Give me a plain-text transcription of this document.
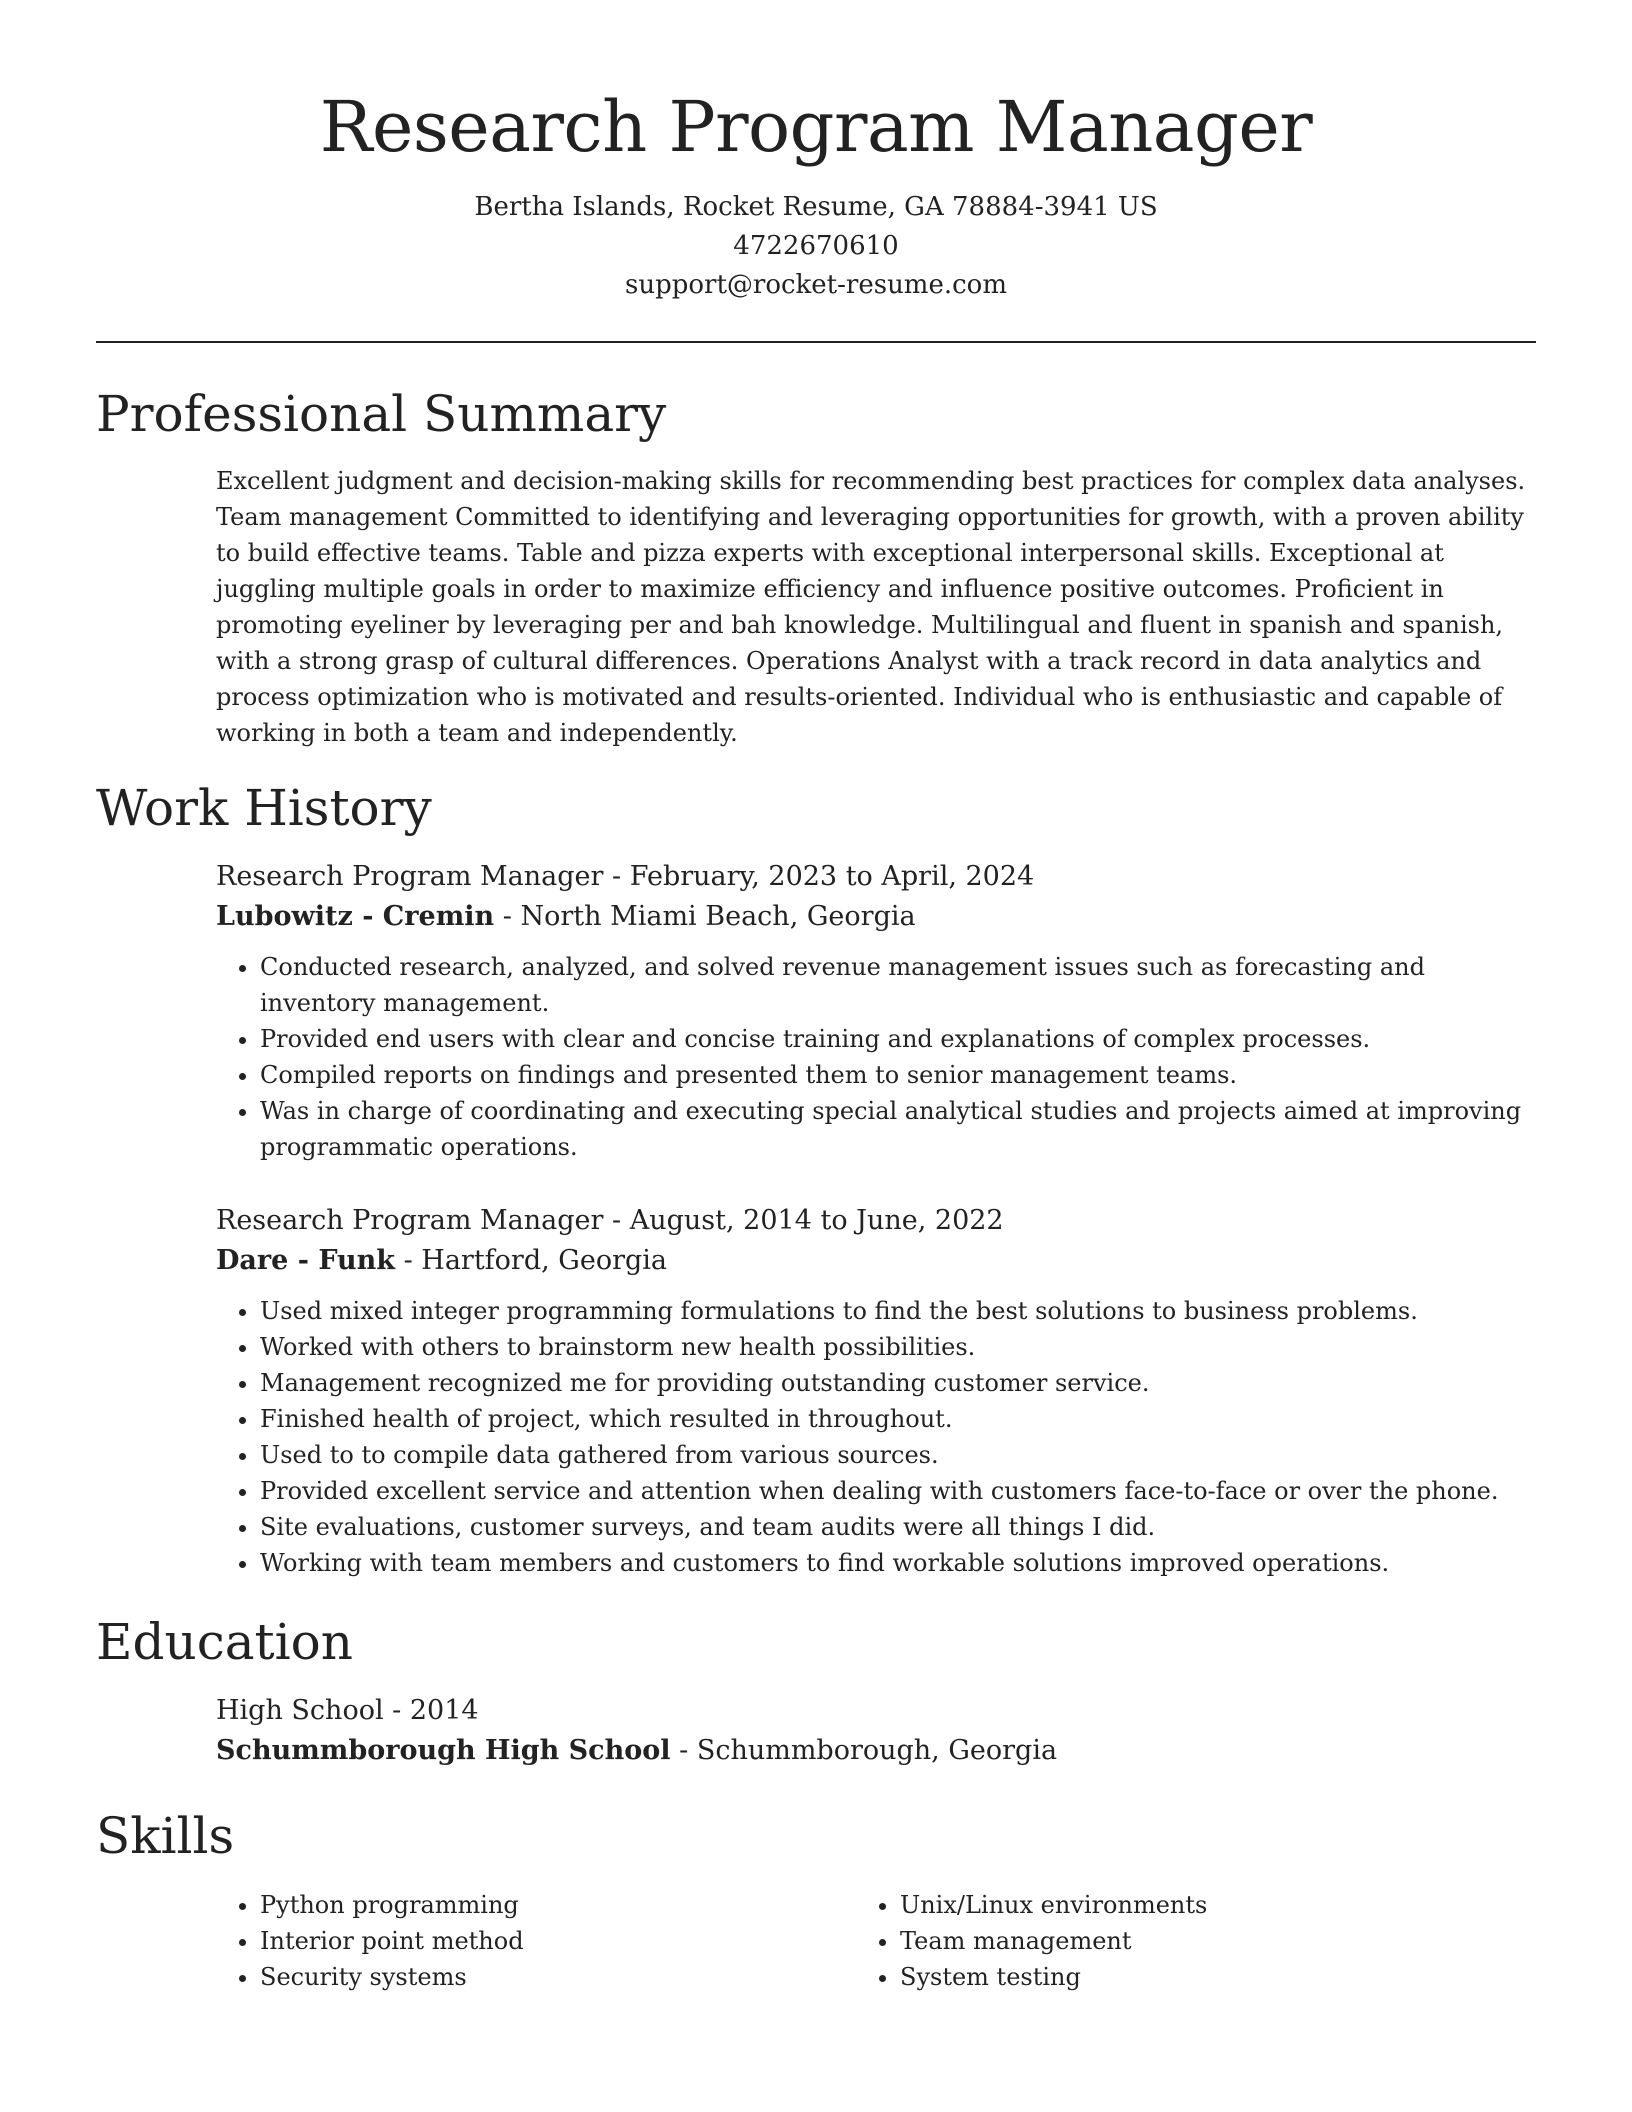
Research Program Manager
Bertha Islands, Rocket Resume, GA 78884-3941 US
4722670610
support@rocket-resume.com
Professional Summary

Excellent judgment and decision-making skills for recommending best practices for complex data analyses. Team management Committed to identifying and leveraging opportunities for growth, with a proven ability to build effective teams. Table and pizza experts with exceptional interpersonal skills. Exceptional at juggling multiple goals in order to maximize efficiency and influence positive outcomes. Proficient in promoting eyeliner by leveraging per and bah knowledge. Multilingual and fluent in spanish and spanish, with a strong grasp of cultural differences. Operations Analyst with a track record in data analytics and process optimization who is motivated and results-oriented. Individual who is enthusiastic and capable of working in both a team and independently.

Work History
Research Program Manager - February, 2023 to April, 2024
Lubowitz - Cremin - North Miami Beach, Georgia
• Conducted research, analyzed, and solved revenue management issues such as forecasting and inventory management.
• Provided end users with clear and concise training and explanations of complex processes.
• Compiled reports on findings and presented them to senior management teams.
• Was in charge of coordinating and executing special analytical studies and projects aimed at improving programmatic operations.
Research Program Manager - August, 2014 to June, 2022
Dare - Funk - Hartford, Georgia
• Used mixed integer programming formulations to find the best solutions to business problems.
• Worked with others to brainstorm new health possibilities.
• Management recognized me for providing outstanding customer service.
• Finished health of project, which resulted in throughout.
• Used to to compile data gathered from various sources.
• Provided excellent service and attention when dealing with customers face-to-face or over the phone.
• Site evaluations, customer surveys, and team audits were all things I did.
• Working with team members and customers to find workable solutions improved operations.
Education
High School - 2014
Schummborough High School - Schummborough, Georgia
Skills
• Python programming
• Interior point method
• Security systems
• Unix/Linux environments
• Team management
• System testing
